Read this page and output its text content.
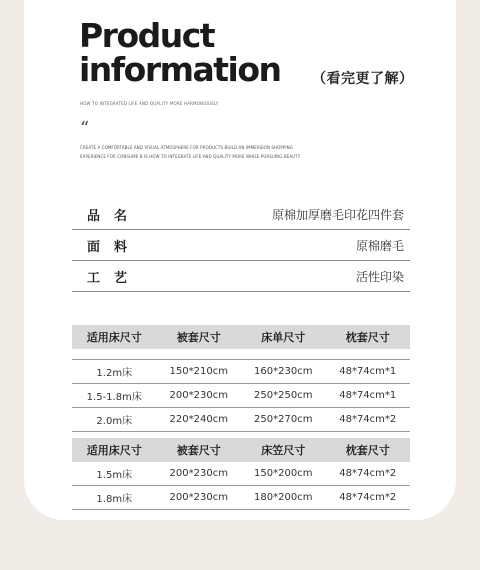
Product
information （看完更了解）
HOW TO INTEGRATED LIFE AND QUALITY MORE HARMONIOUSLY
“
CREATE A COMFORTABLE AND VISUAL ATMOSPHERE FOR PRODUCTS BUILD AN IMMERSION SHOPPING EXPERIENCE FOR CONSUME B IS HOW TO INTEGRATE LIFE AND QUALITY MORE WHILE PURSUING BEAUTY
品名	原棉加厚磨毛印花四件套
面料	原棉磨毛
工艺	活性印染
适用床尺寸	被套尺寸	床单尺寸	枕套尺寸

1.2m床	150*210cm	160*230cm	48*74cm*1
1.5-1.8m床	200*230cm	250*250cm	48*74cm*1
2.0m床	220*240cm	250*270cm	48*74cm*2
适用床尺寸	被套尺寸	床笠尺寸	枕套尺寸
1.5m床	200*230cm	150*200cm	48*74cm*2
1.8m床	200*230cm	180*200cm	48*74cm*2
